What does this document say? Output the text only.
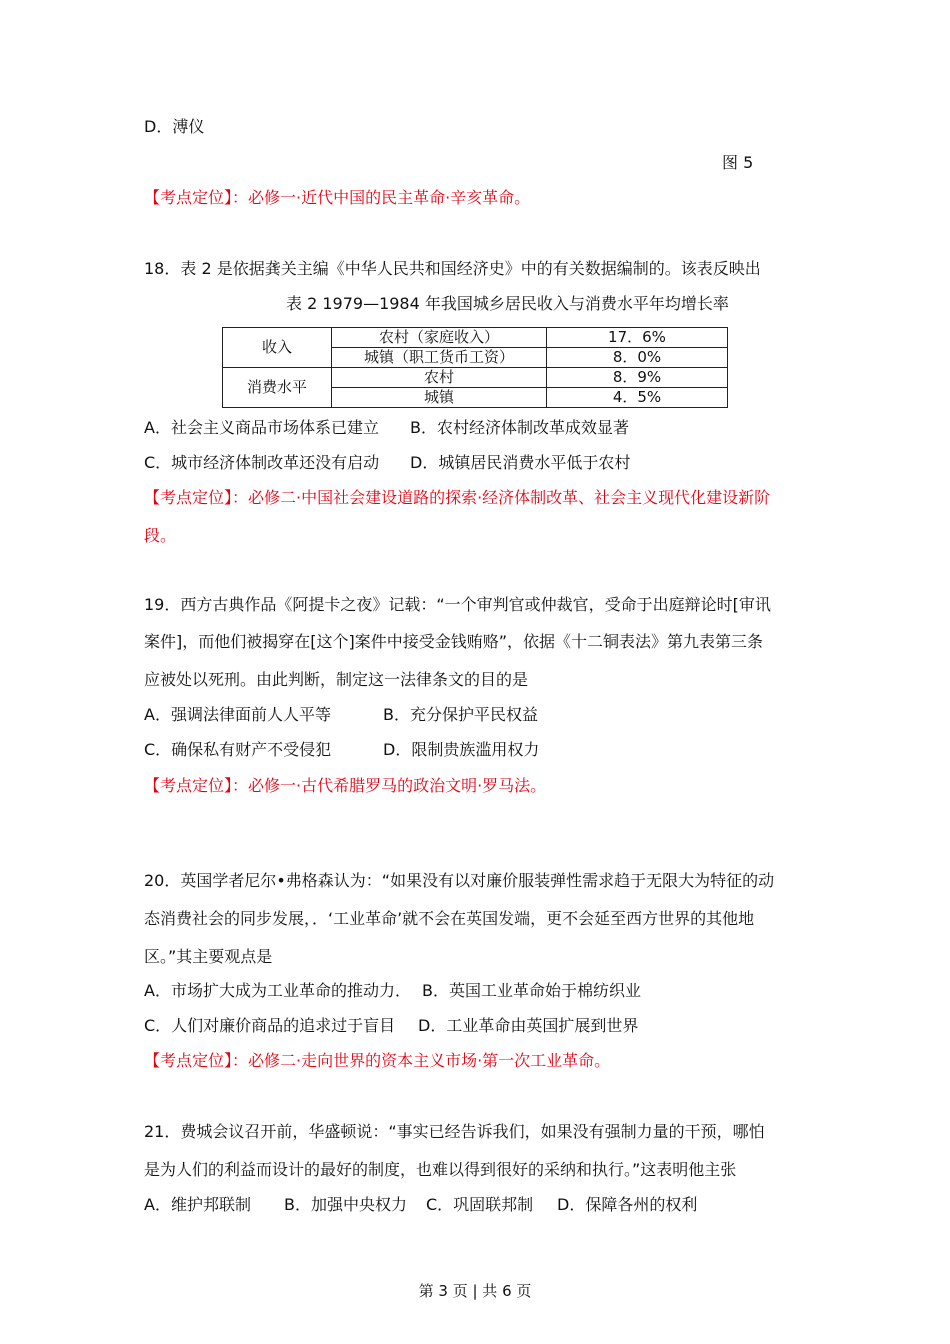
D．溥仪
图 5
【考点定位】：必修一·近代中国的民主革命·辛亥革命。
18．表 2 是依据龚关主编《中华人民共和国经济史》中的有关数据编制的。该表反映出
表 2 1979—1984 年我国城乡居民收入与消费水平年均增长率
收入	农村（家庭收入）	17．6%
	城镇（职工货币工资）	8．0%
消费水平	农村	8．9%
	城镇	4．5%
A．社会主义商品市场体系已建立 B．农村经济体制改革成效显著
C．城市经济体制改革还没有启动 D．城镇居民消费水平低于农村
【考点定位】：必修二·中国社会建设道路的探索·经济体制改革、社会主义现代化建设新阶
段。
19．西方古典作品《阿提卡之夜》记载：“一个审判官或仲裁官，受命于出庭辩论时[审讯
案件]，而他们被揭穿在[这个]案件中接受金钱贿赂”，依据《十二铜表法》第九表第三条
应被处以死刑。由此判断，制定这一法律条文的目的是
A．强调法律面前人人平等	B．充分保护平民权益
C．确保私有财产不受侵犯	D．限制贵族滥用权力
【考点定位】：必修一·古代希腊罗马的政治文明·罗马法。
20．英国学者尼尔•弗格森认为：“如果没有以对廉价服装弹性需求趋于无限大为特征的动
态消费社会的同步发展，．‘工业革命’就不会在英国发端，更不会延至西方世界的其他地
区。”其主要观点是
A．市场扩大成为工业革命的推动力． B．英国工业革命始于棉纺织业
C．人们对廉价商品的追求过于盲目 D．工业革命由英国扩展到世界
【考点定位】：必修二·走向世界的资本主义市场·第一次工业革命。
21．费城会议召开前，华盛顿说：“事实已经告诉我们，如果没有强制力量的干预，哪怕
是为人们的利益而设计的最好的制度，也难以得到很好的采纳和执行。”这表明他主张
A．维护邦联制 B．加强中央权力 C．巩固联邦制 D．保障各州的权利
第 3 页 | 共 6 页
